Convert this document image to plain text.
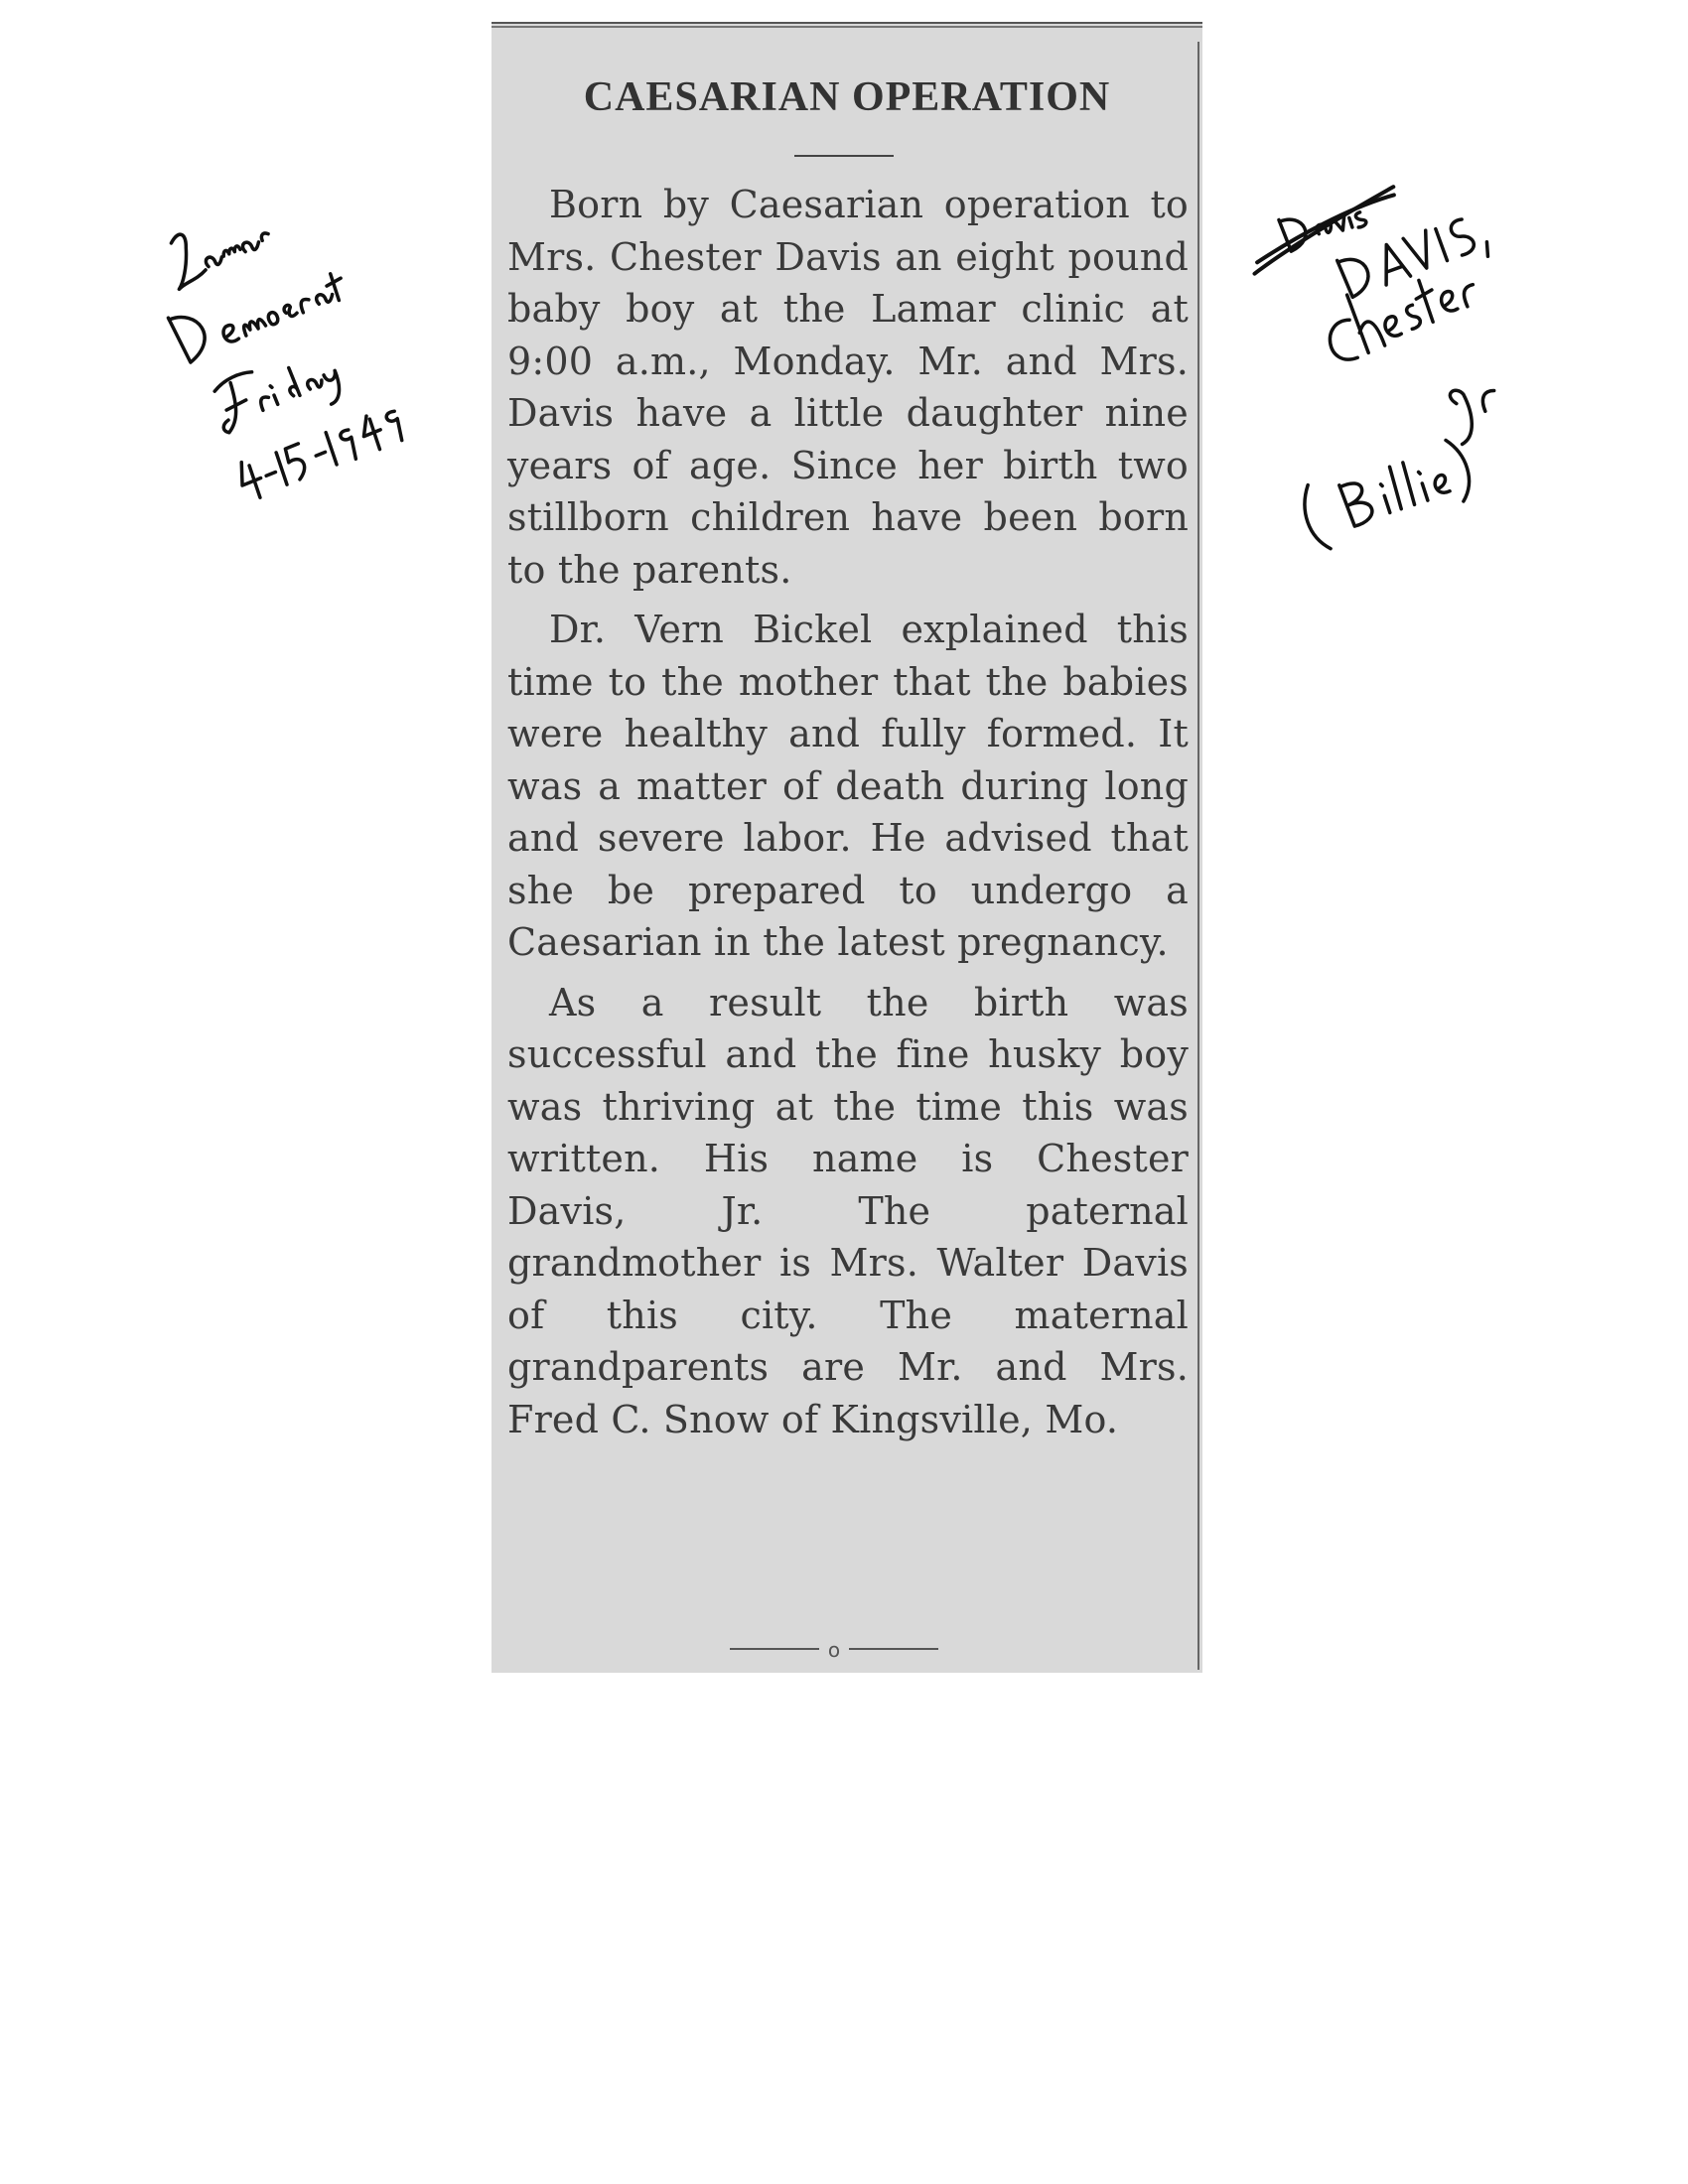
CAESARIAN OPERATION

Born by Caesarian operation to Mrs. Chester Davis an eight pound baby boy at the Lamar clinic at 9:00 a.m., Monday. Mr. and Mrs. Davis have a little daughter nine years of age. Since her birth two stillborn children have been born to the parents.

Dr. Vern Bickel explained this time to the mother that the babies were healthy and fully formed. It was a matter of death during long and severe labor. He advised that she be prepared to undergo a Caesarian in the latest pregnancy.

As a result the birth was successful and the fine husky boy was thriving at the time this was written. His name is Chester Davis, Jr. The paternal grandmother is Mrs. Walter Davis of this city. The maternal grandparents are Mr. and Mrs. Fred C. Snow of Kingsville, Mo.

o
